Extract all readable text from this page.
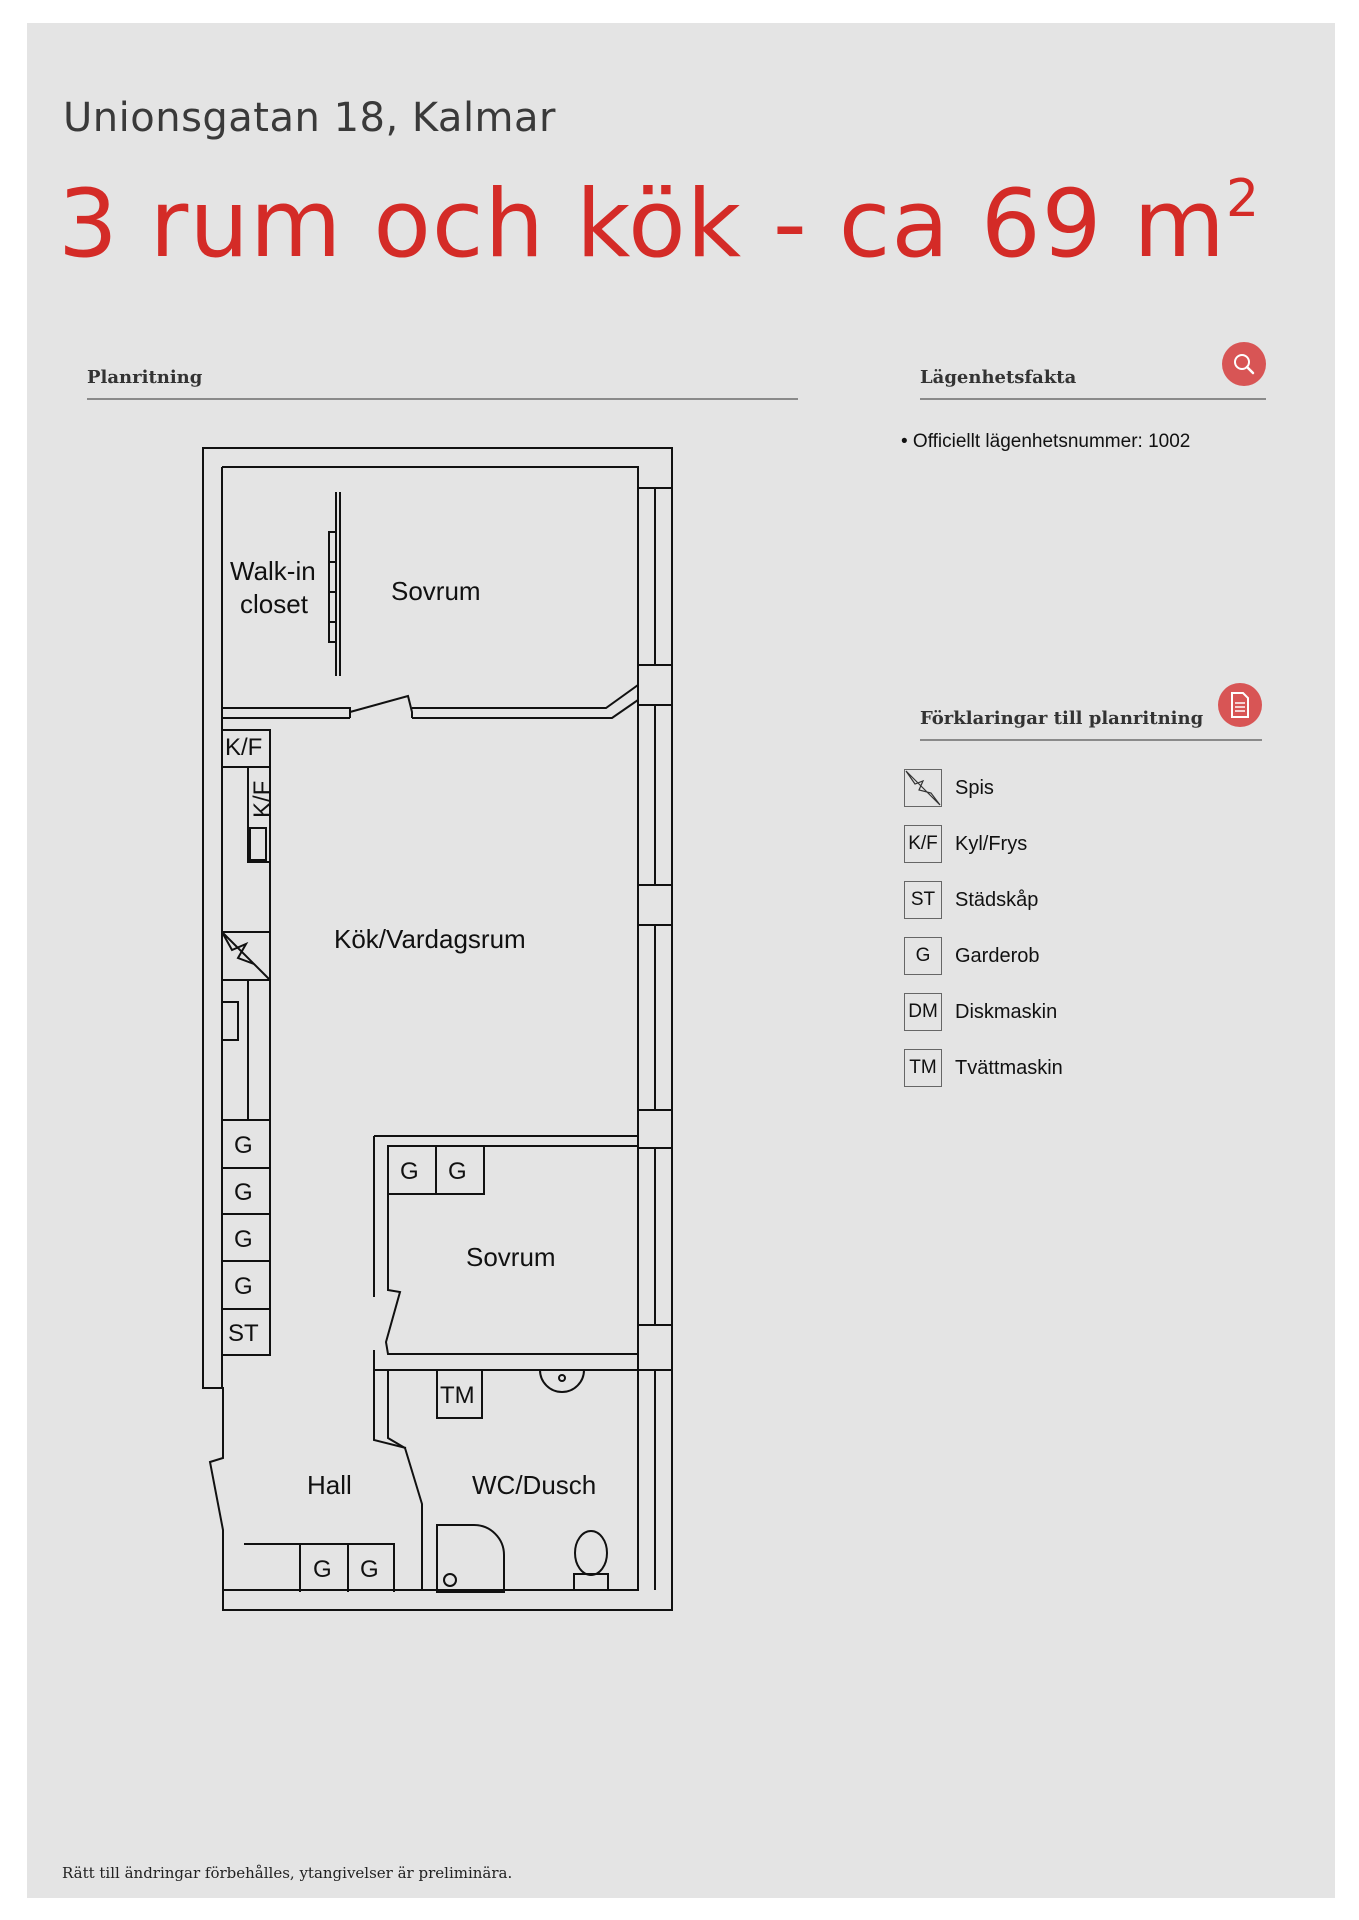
Unionsgatan 18, Kalmar
3 rum och kök - ca 69 $m^2$
Planritning	Lägenhetsfakta
• Officiellt lägenhetsnummer: 1002
Förklaringar till planritning
Spis
K/F Kyl/Frys
ST Städskåp
G	Garderob
DM Diskmaskin
TM Tvättmaskin
Walk-in
closet	Sovrum
Kök/Vardagsrum
Sovrum
Hall	WC/Dusch
K/F
K/F
G
G
G
G
ST
G G
TM
G G
Rätt till ändringar förbehålles, ytangivelser är preliminära.
